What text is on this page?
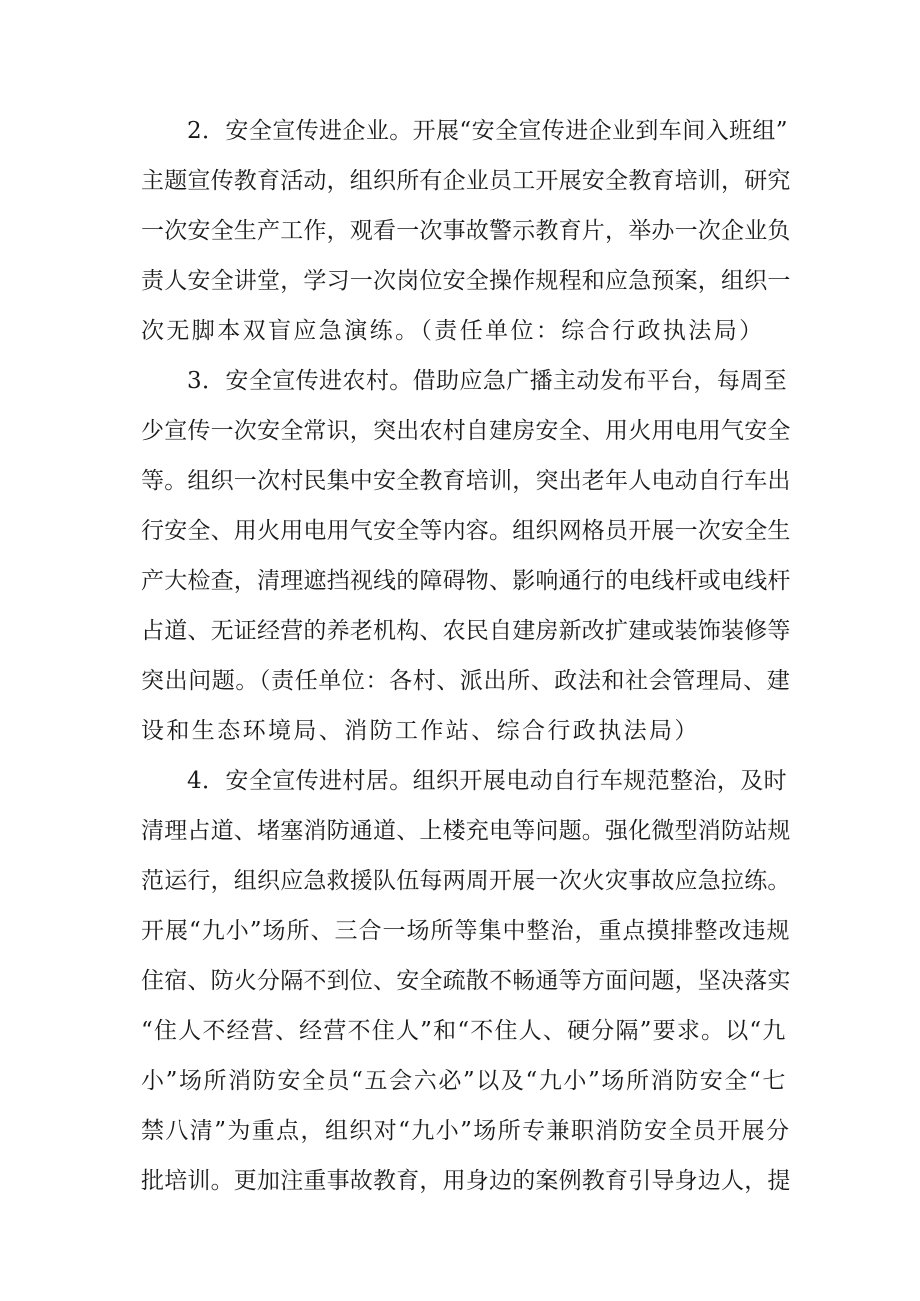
2．安全宣传进企业。开展“安全宣传进企业到车间入班组”
主题宣传教育活动，组织所有企业员工开展安全教育培训，研究
一次安全生产工作，观看一次事故警示教育片，举办一次企业负
责人安全讲堂，学习一次岗位安全操作规程和应急预案，组织一
次无脚本双盲应急演练。（责任单位：综合行政执法局）
3．安全宣传进农村。借助应急广播主动发布平台，每周至
少宣传一次安全常识，突出农村自建房安全、用火用电用气安全
等。组织一次村民集中安全教育培训，突出老年人电动自行车出
行安全、用火用电用气安全等内容。组织网格员开展一次安全生
产大检查，清理遮挡视线的障碍物、影响通行的电线杆或电线杆
占道、无证经营的养老机构、农民自建房新改扩建或装饰装修等
突出问题。（责任单位：各村、派出所、政法和社会管理局、建
设和生态环境局、消防工作站、综合行政执法局）
4．安全宣传进村居。组织开展电动自行车规范整治，及时
清理占道、堵塞消防通道、上楼充电等问题。强化微型消防站规
范运行，组织应急救援队伍每两周开展一次火灾事故应急拉练。
开展“九小”场所、三合一场所等集中整治，重点摸排整改违规
住宿、防火分隔不到位、安全疏散不畅通等方面问题，坚决落实
“住人不经营、经营不住人”和“不住人、硬分隔”要求。以“九
小”场所消防安全员“五会六必”以及“九小”场所消防安全“七
禁八清”为重点，组织对“九小”场所专兼职消防安全员开展分
批培训。更加注重事故教育，用身边的案例教育引导身边人，提
